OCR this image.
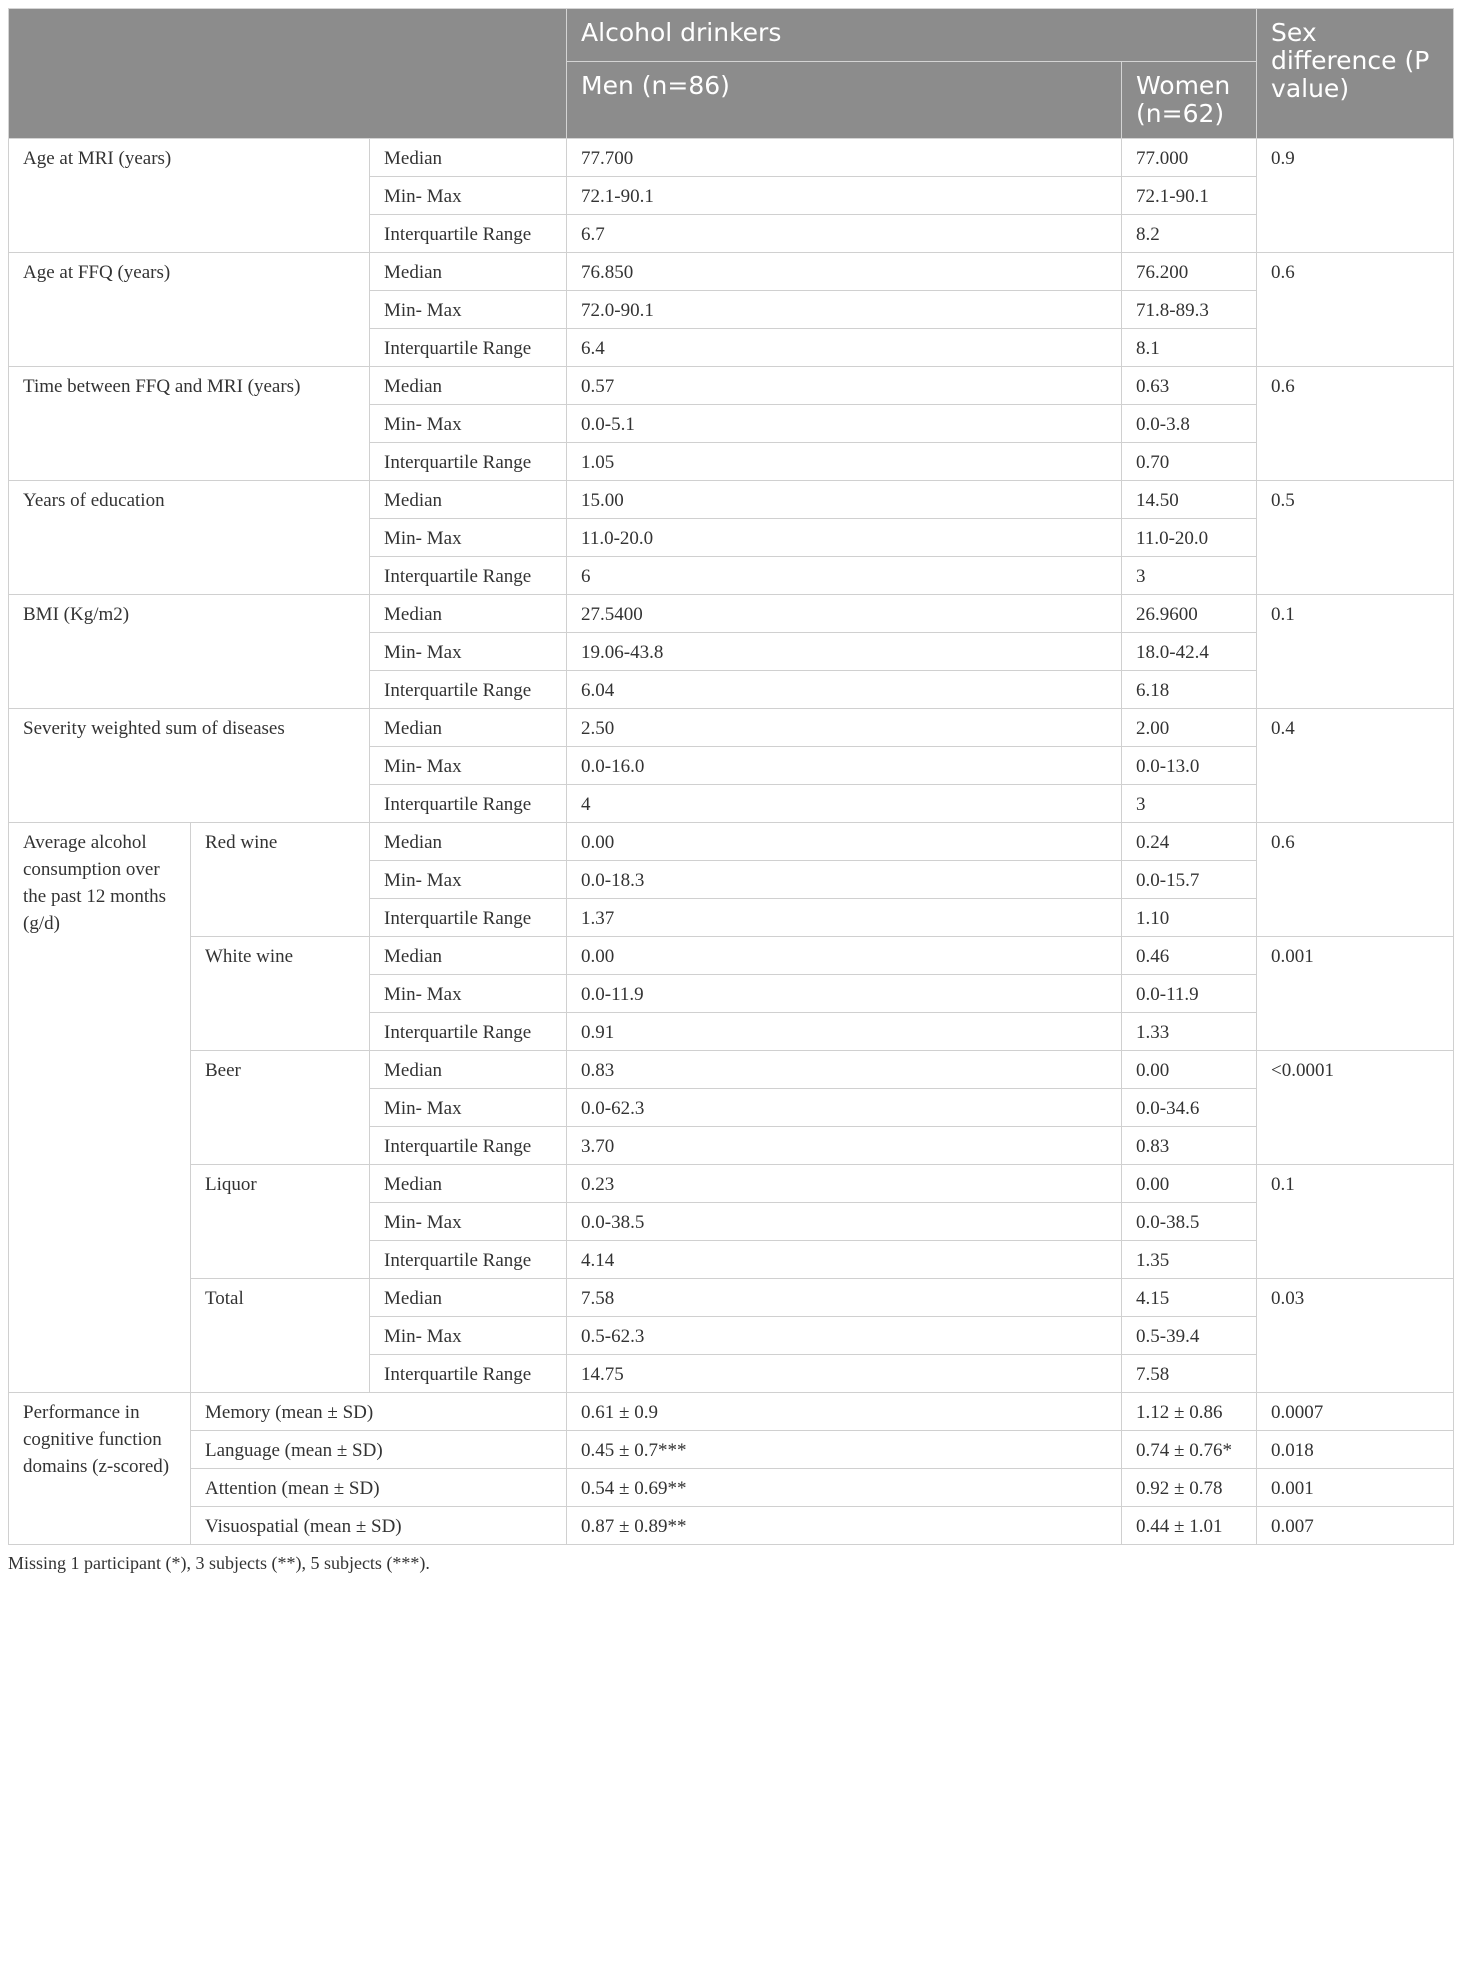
			Alcohol drinkers		Sex difference (P value)
			Men (n=86)	Women (n=62)	
Age at MRI (years)		Median	77.700	77.000	0.9
		Min- Max	72.1-90.1	72.1-90.1	
		Interquartile Range	6.7	8.2	
Age at FFQ (years)		Median	76.850	76.200	0.6
		Min- Max	72.0-90.1	71.8-89.3	
		Interquartile Range	6.4	8.1	
Time between FFQ and MRI (years)		Median	0.57	0.63	0.6
		Min- Max	0.0-5.1	0.0-3.8	
		Interquartile Range	1.05	0.70	
Years of education		Median	15.00	14.50	0.5
		Min- Max	11.0-20.0	11.0-20.0	
		Interquartile Range	6	3	
BMI (Kg/m2)		Median	27.5400	26.9600	0.1
		Min- Max	19.06-43.8	18.0-42.4	
		Interquartile Range	6.04	6.18	
Severity weighted sum of diseases		Median	2.50	2.00	0.4
		Min- Max	0.0-16.0	0.0-13.0	
		Interquartile Range	4	3	
Average alcohol consumption over the past 12 months (g/d)	Red wine	Median	0.00	0.24	0.6
		Min- Max	0.0-18.3	0.0-15.7	
		Interquartile Range	1.37	1.10	
	White wine	Median	0.00	0.46	0.001
		Min- Max	0.0-11.9	0.0-11.9	
		Interquartile Range	0.91	1.33	
	Beer	Median	0.83	0.00	<0.0001
		Min- Max	0.0-62.3	0.0-34.6	
		Interquartile Range	3.70	0.83	
	Liquor	Median	0.23	0.00	0.1
		Min- Max	0.0-38.5	0.0-38.5	
		Interquartile Range	4.14	1.35	
	Total	Median	7.58	4.15	0.03
		Min- Max	0.5-62.3	0.5-39.4	
		Interquartile Range	14.75	7.58	
Performance in cognitive function domains (z-scored)	Memory (mean ± SD)		0.61 ± 0.9	1.12 ± 0.86	0.0007
	Language (mean ± SD)		0.45 ± 0.7***	0.74 ± 0.76*	0.018
	Attention (mean ± SD)		0.54 ± 0.69**	0.92 ± 0.78	0.001
	Visuospatial (mean ± SD)		0.87 ± 0.89**	0.44 ± 1.01	0.007
Missing 1 participant (*), 3 subjects (**), 5 subjects (***).
